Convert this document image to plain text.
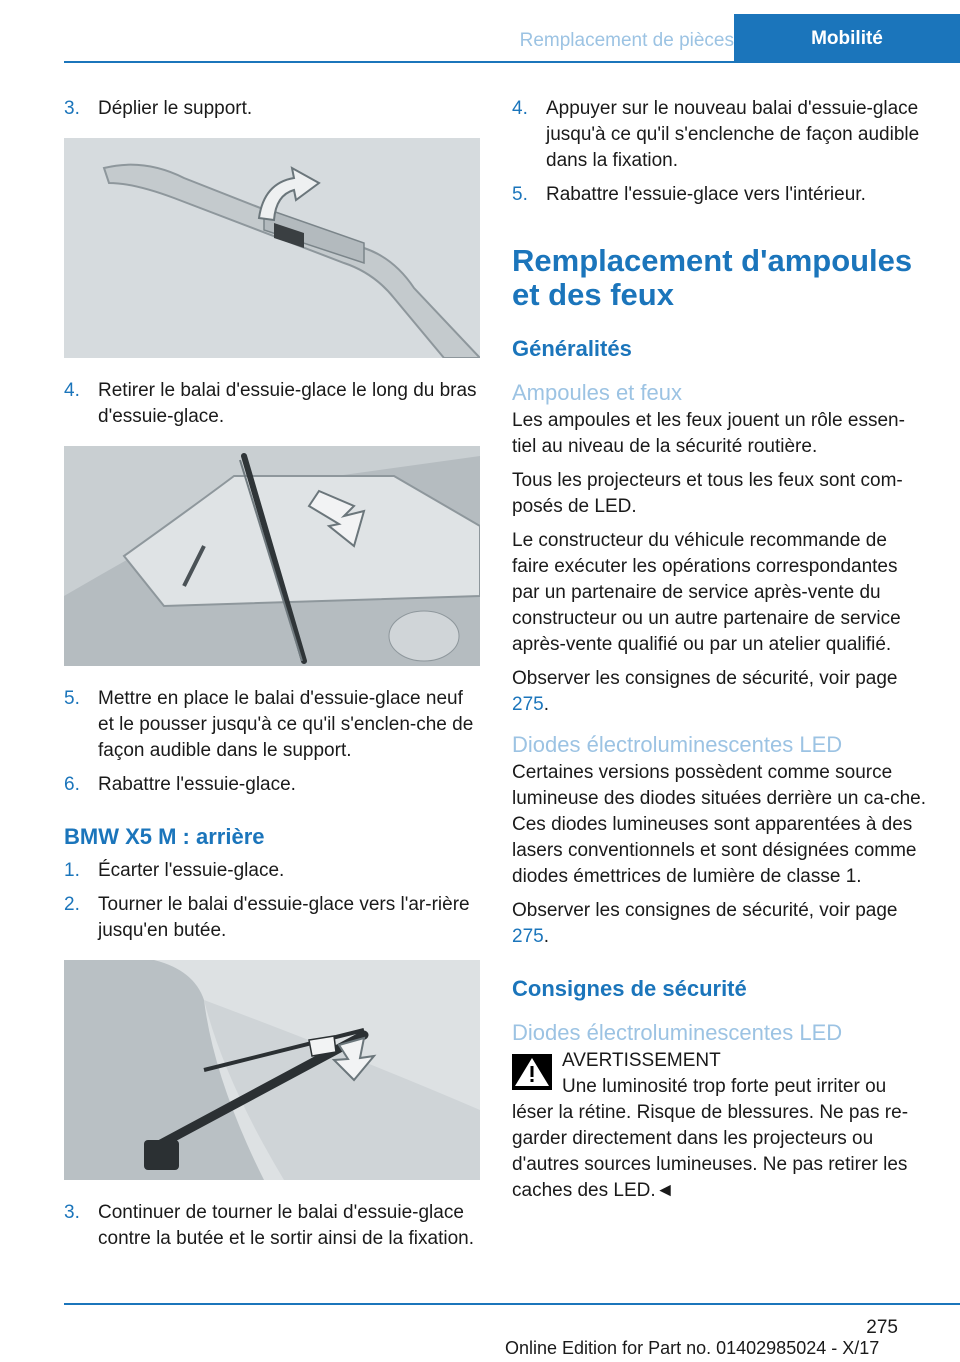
Remplacement de pièces	Mobilité
3. Déplier le support.
4. Retirer le balai d'essuie-glace le long du bras d'essuie-glace.
5. Mettre en place le balai d'essuie-glace neuf et le pousser jusqu'à ce qu'il s'enclen-che de façon audible dans le support.
6. Rabattre l'essuie-glace.
BMW X5 M : arrière
1. Écarter l'essuie-glace.
2. Tourner le balai d'essuie-glace vers l'ar-rière jusqu'en butée.
3. Continuer de tourner le balai d'essuie-glace contre la butée et le sortir ainsi de la fixation.
4. Appuyer sur le nouveau balai d'essuie-glace jusqu'à ce qu'il s'enclenche de façon audible dans la fixation.
5. Rabattre l'essuie-glace vers l'intérieur.
Remplacement d'ampoules et des feux
Généralités
Ampoules et feux

Les ampoules et les feux jouent un rôle essen-tiel au niveau de la sécurité routière.

Tous les projecteurs et tous les feux sont com-posés de LED.

Le constructeur du véhicule recommande de faire exécuter les opérations correspondantes par un partenaire de service après-vente du constructeur ou un autre partenaire de service après-vente qualifié ou par un atelier qualifié.

Observer les consignes de sécurité, voir page 275.

Diodes électroluminescentes LED

Certaines versions possèdent comme source lumineuse des diodes situées derrière un ca-che. Ces diodes lumineuses sont apparentées à des lasers conventionnels et sont désignées comme diodes émettrices de lumière de classe 1.

Observer les consignes de sécurité, voir page 275.

Consignes de sécurité
Diodes électroluminescentes LED
AVERTISSEMENT
Une luminosité trop forte peut irriter ou
léser la rétine. Risque de blessures. Ne pas re-garder directement dans les projecteurs ou d'autres sources lumineuses. Ne pas retirer les caches des LED.◄
275
Online Edition for Part no. 01402985024 - X/17
